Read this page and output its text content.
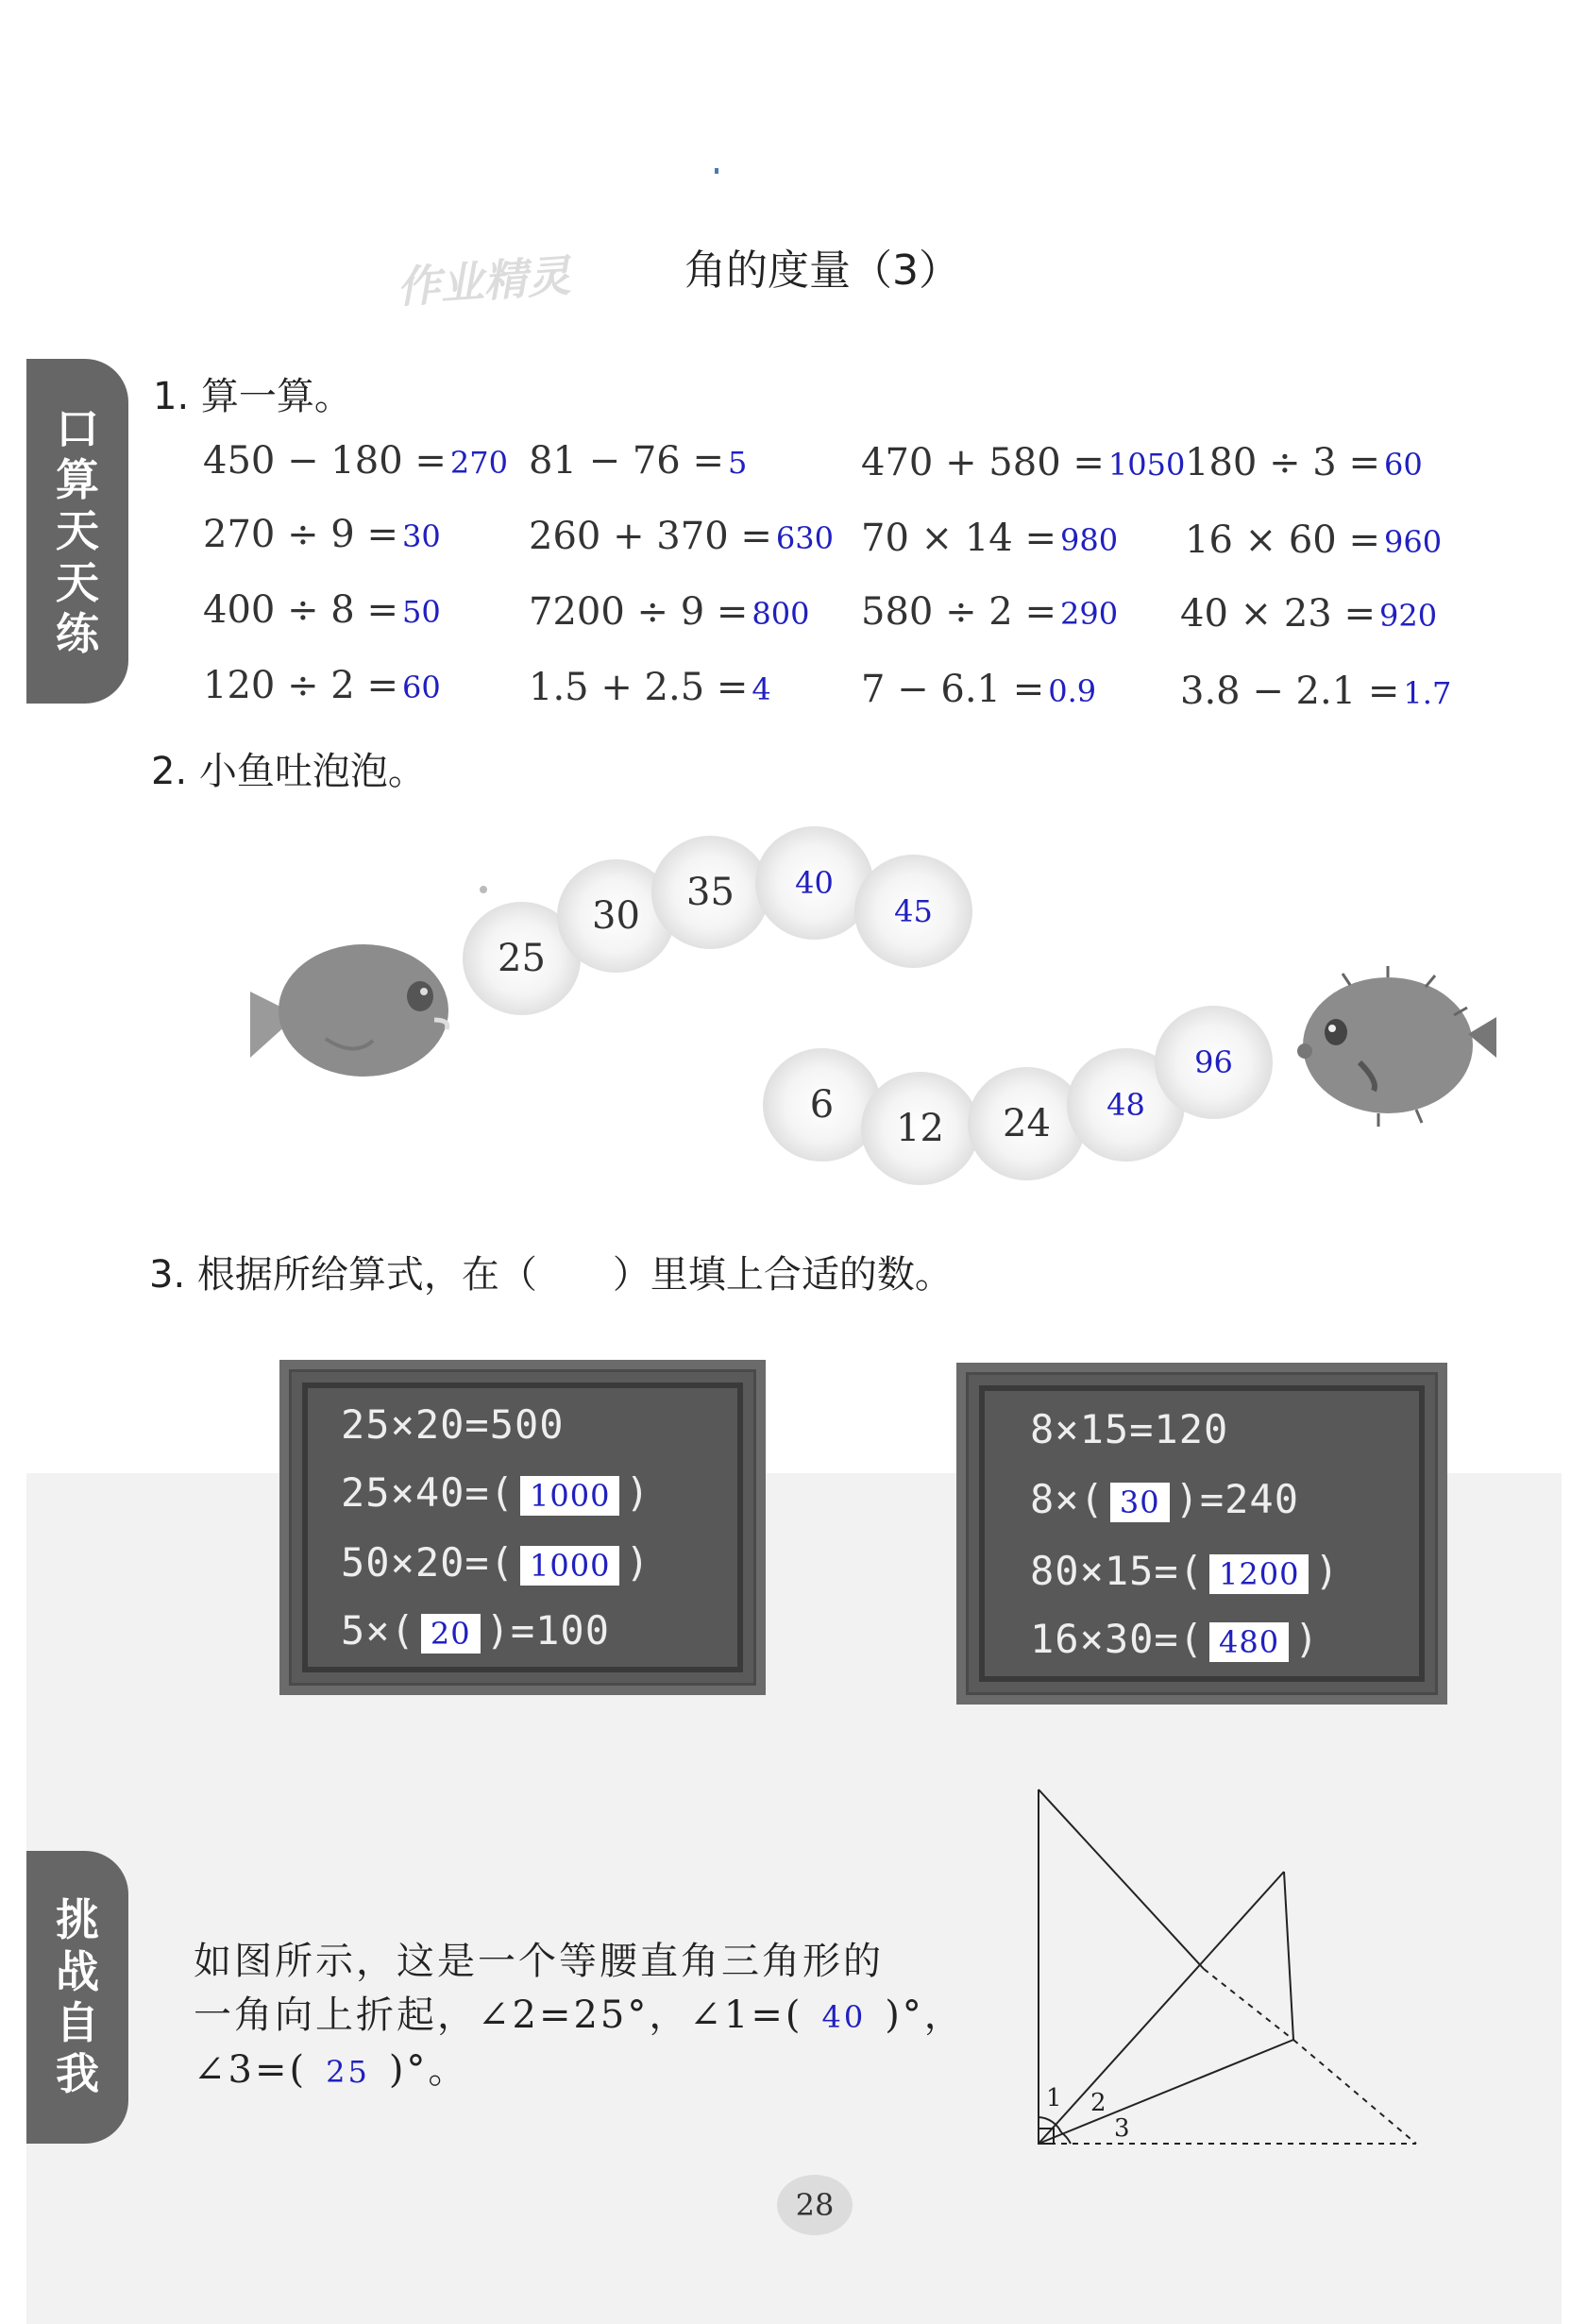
作业精灵	角的度量（3）
口
算
天
天
练
挑
战
自
我
1. 算一算。
450 − 180 = 270 81 − 76 = 5	470 + 580 = 1050 180 ÷ 3 = 60
270 ÷ 9 = 30 260 + 370 = 630 70 × 14 = 980 16 × 60 = 960
400 ÷ 8 = 50 7200 ÷ 9 = 800 580 ÷ 2 = 290 40 × 23 = 920
120 ÷ 2 = 60 1.5 + 2.5 = 4 7 − 6.1 = 0.9 3.8 − 2.1 = 1.7
2. 小鱼吐泡泡。
25
30
35 40
45
6
12 24 48
96
3. 根据所给算式，在（　　）里填上合适的数。
25×20=500
25×40=( 1000 )
50×20=( 1000 )
5×( 20 )=100
8×15=120
8×( 30 )=240
80×15=( 1200 )
16×30=( 480 )
如图所示，这是一个等腰直角三角形的
一角向上折起，∠2=25°，∠1=( 40 )°，
∠3=( 25 )°。
1 2
3
28
